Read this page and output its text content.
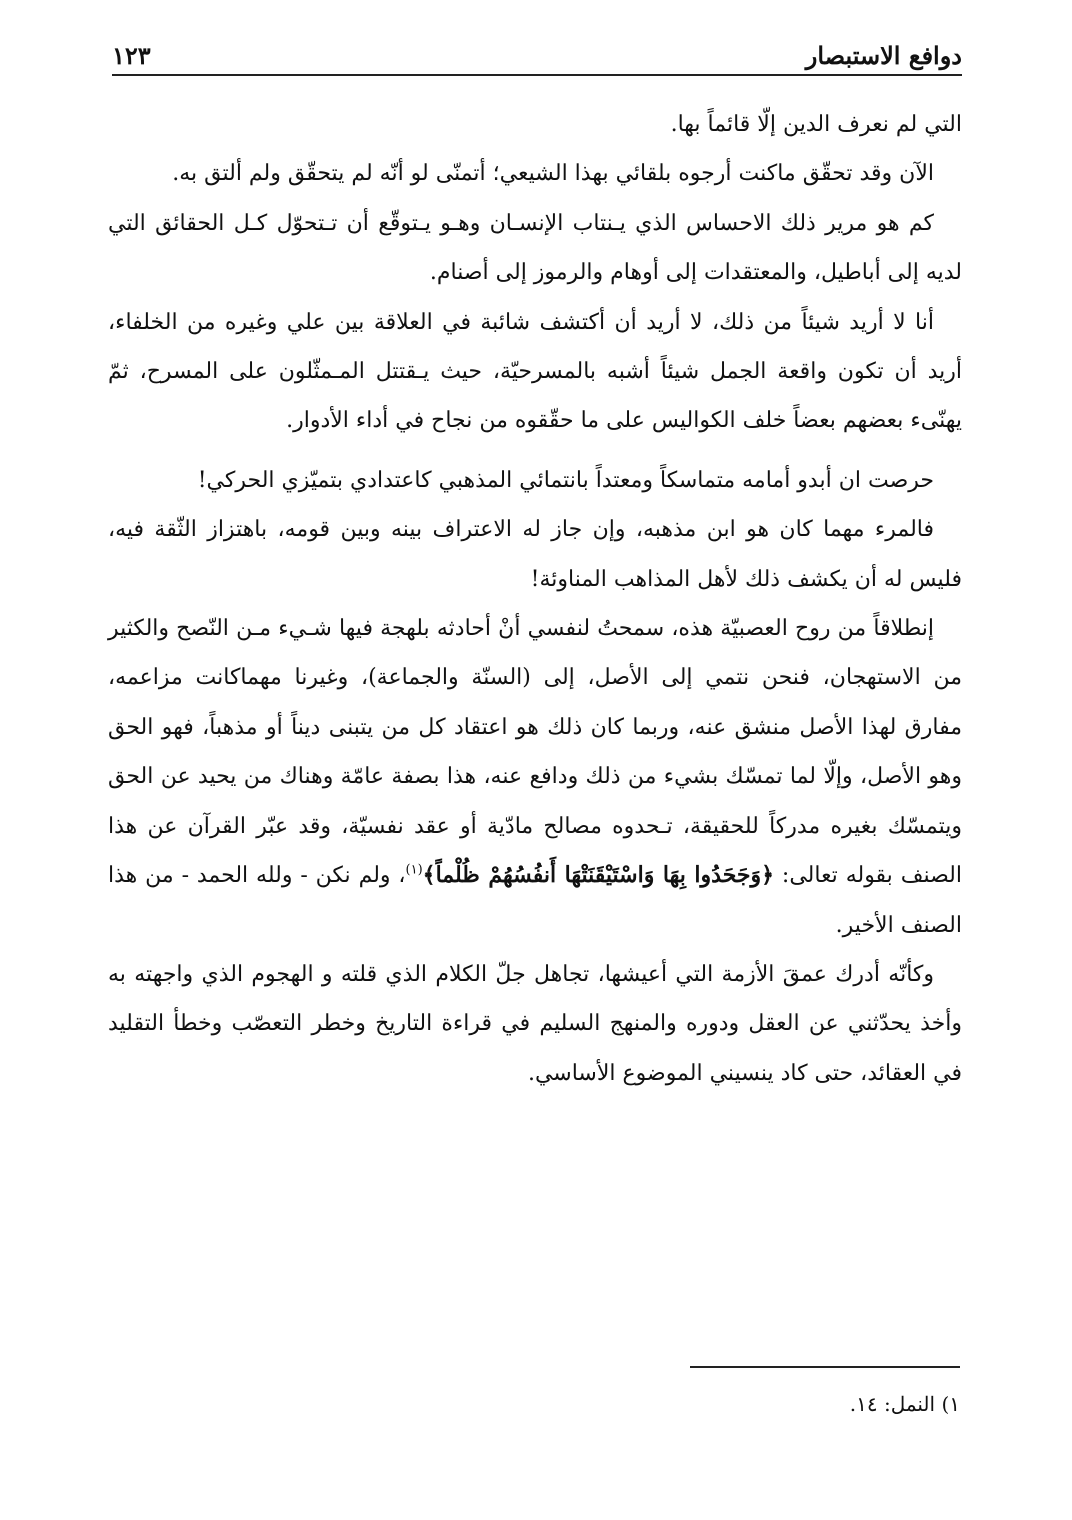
دوافع الاستبصار
١٢٣

التي لم نعرف الدين إلّا قائماً بها.

الآن وقد تحقّق ماكنت أرجوه بلقائي بهذا الشيعي؛ أتمنّى لو أنّه لم يتحقّق ولم ألتق به.

كم هو مرير ذلك الاحساس الذي يـنتاب الإنسـان وهـو يـتوقّع أن تـتحوّل كـل الحقائق التي لديه إلى أباطيل، والمعتقدات إلى أوهام والرموز إلى أصنام.

أنا لا أريد شيئاً من ذلك، لا أريد أن أكتشف شائبة في العلاقة بين علي وغيره من الخلفاء، أريد أن تكون واقعة الجمل شيئاً أشبه بالمسرحيّة، حيث يـقتتل المـمثّلون على المسرح، ثمّ يهنّىء بعضهم بعضاً خلف الكواليس على ما حقّقوه من نجاح في أداء الأدوار.

حرصت ان أبدو أمامه متماسكاً ومعتداً بانتمائي المذهبي كاعتدادي بتميّزي الحركي!

فالمرء مهما كان هو ابن مذهبه، وإن جاز له الاعتراف بينه وبين قومه، باهتزاز الثّقة فيه، فليس له أن يكشف ذلك لأهل المذاهب المناوئة!

إنطلاقاً من روح العصبيّة هذه، سمحتُ لنفسي أنْ أحادثه بلهجة فيها شـيء مـن النّصح والكثير من الاستهجان، فنحن نتمي إلى الأصل، إلى (السنّة والجماعة)، وغيرنا مهماكانت مزاعمه، مفارق لهذا الأصل منشق عنه، وربما كان ذلك هو اعتقاد كل من يتبنى ديناً أو مذهباً، فهو الحق وهو الأصل، وإلّا لما تمسّك بشيء من ذلك ودافع عنه، هذا بصفة عامّة وهناك من يحيد عن الحق ويتمسّك بغيره مدركاً للحقيقة، تـحدوه مصالح مادّية أو عقد نفسيّة، وقد عبّر القرآن عن هذا الصنف بقوله تعالى: ﴿وَجَحَدُوا بِهَا وَاسْتَيْقَنَتْهَا أَنفُسُهُمْ ظُلْماً﴾$^{(١)}$، ولم نكن - ولله الحمد - من هذا الصنف الأخير.

وكأنّه أدرك عمقَ الأزمة التي أعيشها، تجاهل جلّ الكلام الذي قلته و الهجوم الذي واجهته به وأخذ يحدّثني عن العقل ودوره والمنهج السليم في قراءة التاريخ وخطر التعصّب وخطأ التقليد في العقائد، حتى كاد ينسيني الموضوع الأساسي.

١) النمل: ١٤.
